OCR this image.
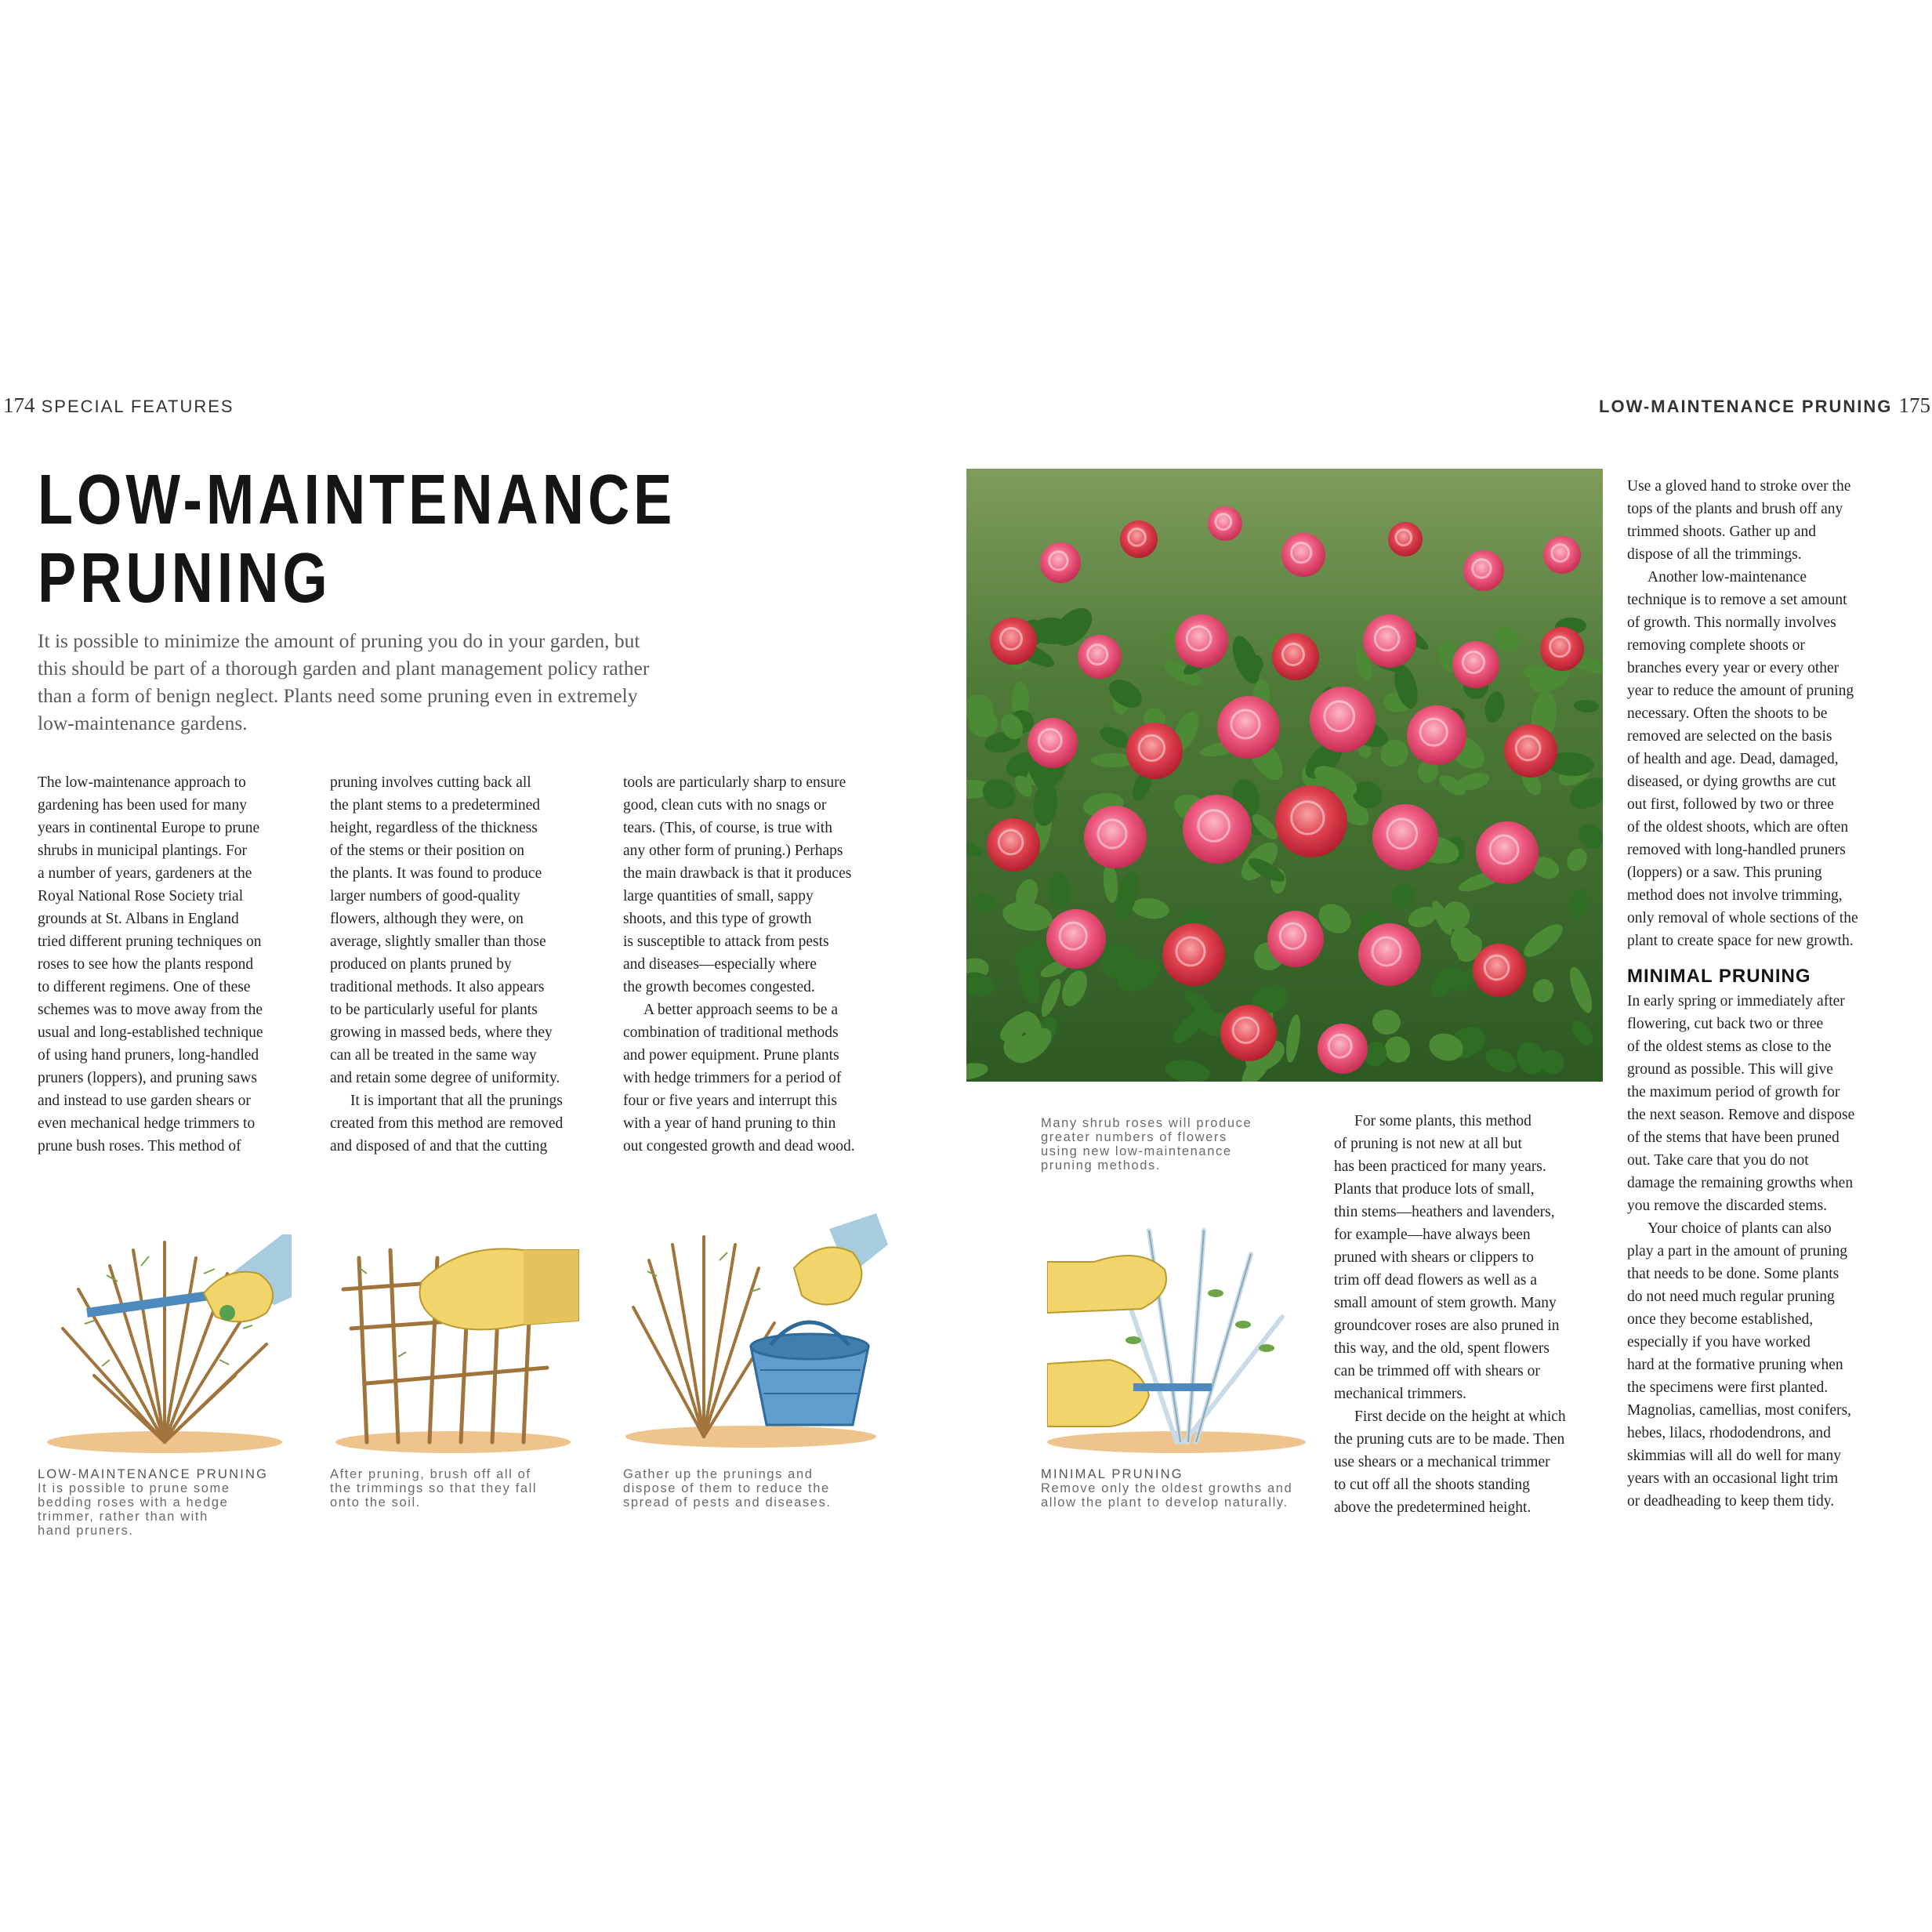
174 SPECIAL FEATURES	LOW-MAINTENANCE PRUNING 175
LOW-MAINTENANCE
PRUNING
It is possible to minimize the amount of pruning you do in your garden, but
this should be part of a thorough garden and plant management policy rather
than a form of benign neglect. Plants need some pruning even in extremely
low-maintenance gardens.

The low-maintenance approach to
gardening has been used for many
years in continental Europe to prune
shrubs in municipal plantings. For
a number of years, gardeners at the
Royal National Rose Society trial
grounds at St. Albans in England
tried different pruning techniques on
roses to see how the plants respond
to different regimens. One of these
schemes was to move away from the
usual and long-established technique
of using hand pruners, long-handled
pruners (loppers), and pruning saws
and instead to use garden shears or
even mechanical hedge trimmers to
prune bush roses. This method of

pruning involves cutting back all
the plant stems to a predetermined
height, regardless of the thickness
of the stems or their position on
the plants. It was found to produce
larger numbers of good-quality
flowers, although they were, on
average, slightly smaller than those
produced on plants pruned by
traditional methods. It also appears
to be particularly useful for plants
growing in massed beds, where they
can all be treated in the same way
and retain some degree of uniformity.

It is important that all the prunings
created from this method are removed
and disposed of and that the cutting

tools are particularly sharp to ensure
good, clean cuts with no snags or
tears. (This, of course, is true with
any other form of pruning.) Perhaps
the main drawback is that it produces
large quantities of small, sappy
shoots, and this type of growth
is susceptible to attack from pests
and diseases—especially where
the growth becomes congested.

A better approach seems to be a
combination of traditional methods
and power equipment. Prune plants
with hedge trimmers for a period of
four or five years and interrupt this
with a year of hand pruning to thin
out congested growth and dead wood.

For some plants, this method
of pruning is not new at all but
has been practiced for many years.
Plants that produce lots of small,
thin stems—heathers and lavenders,
for example—have always been
pruned with shears or clippers to
trim off dead flowers as well as a
small amount of stem growth. Many
groundcover roses are also pruned in
this way, and the old, spent flowers
can be trimmed off with shears or
mechanical trimmers.

First decide on the height at which
the pruning cuts are to be made. Then
use shears or a mechanical trimmer
to cut off all the shoots standing
above the predetermined height.

Use a gloved hand to stroke over the
tops of the plants and brush off any
trimmed shoots. Gather up and
dispose of all the trimmings.

Another low-maintenance
technique is to remove a set amount
of growth. This normally involves
removing complete shoots or
branches every year or every other
year to reduce the amount of pruning
necessary. Often the shoots to be
removed are selected on the basis
of health and age. Dead, damaged,
diseased, or dying growths are cut
out first, followed by two or three
of the oldest shoots, which are often
removed with long-handled pruners
(loppers) or a saw. This pruning
method does not involve trimming,
only removal of whole sections of the
plant to create space for new growth.

MINIMAL PRUNING

In early spring or immediately after
flowering, cut back two or three
of the oldest stems as close to the
ground as possible. This will give
the maximum period of growth for
the next season. Remove and dispose
of the stems that have been pruned
out. Take care that you do not
damage the remaining growths when
you remove the discarded stems.

Your choice of plants can also
play a part in the amount of pruning
that needs to be done. Some plants
do not need much regular pruning
once they become established,
especially if you have worked
hard at the formative pruning when
the specimens were first planted.
Magnolias, camellias, most conifers,
hebes, lilacs, rhododendrons, and
skimmias will all do well for many
years with an occasional light trim
or deadheading to keep them tidy.

Many shrub roses will produce

greater numbers of flowers

using new low-maintenance

pruning methods.

LOW-MAINTENANCE PRUNING

It is possible to prune some

bedding roses with a hedge

trimmer, rather than with

hand pruners.

After pruning, brush off all of

the trimmings so that they fall

onto the soil.

Gather up the prunings and

dispose of them to reduce the

spread of pests and diseases.

MINIMAL PRUNING

Remove only the oldest growths and

allow the plant to develop naturally.
